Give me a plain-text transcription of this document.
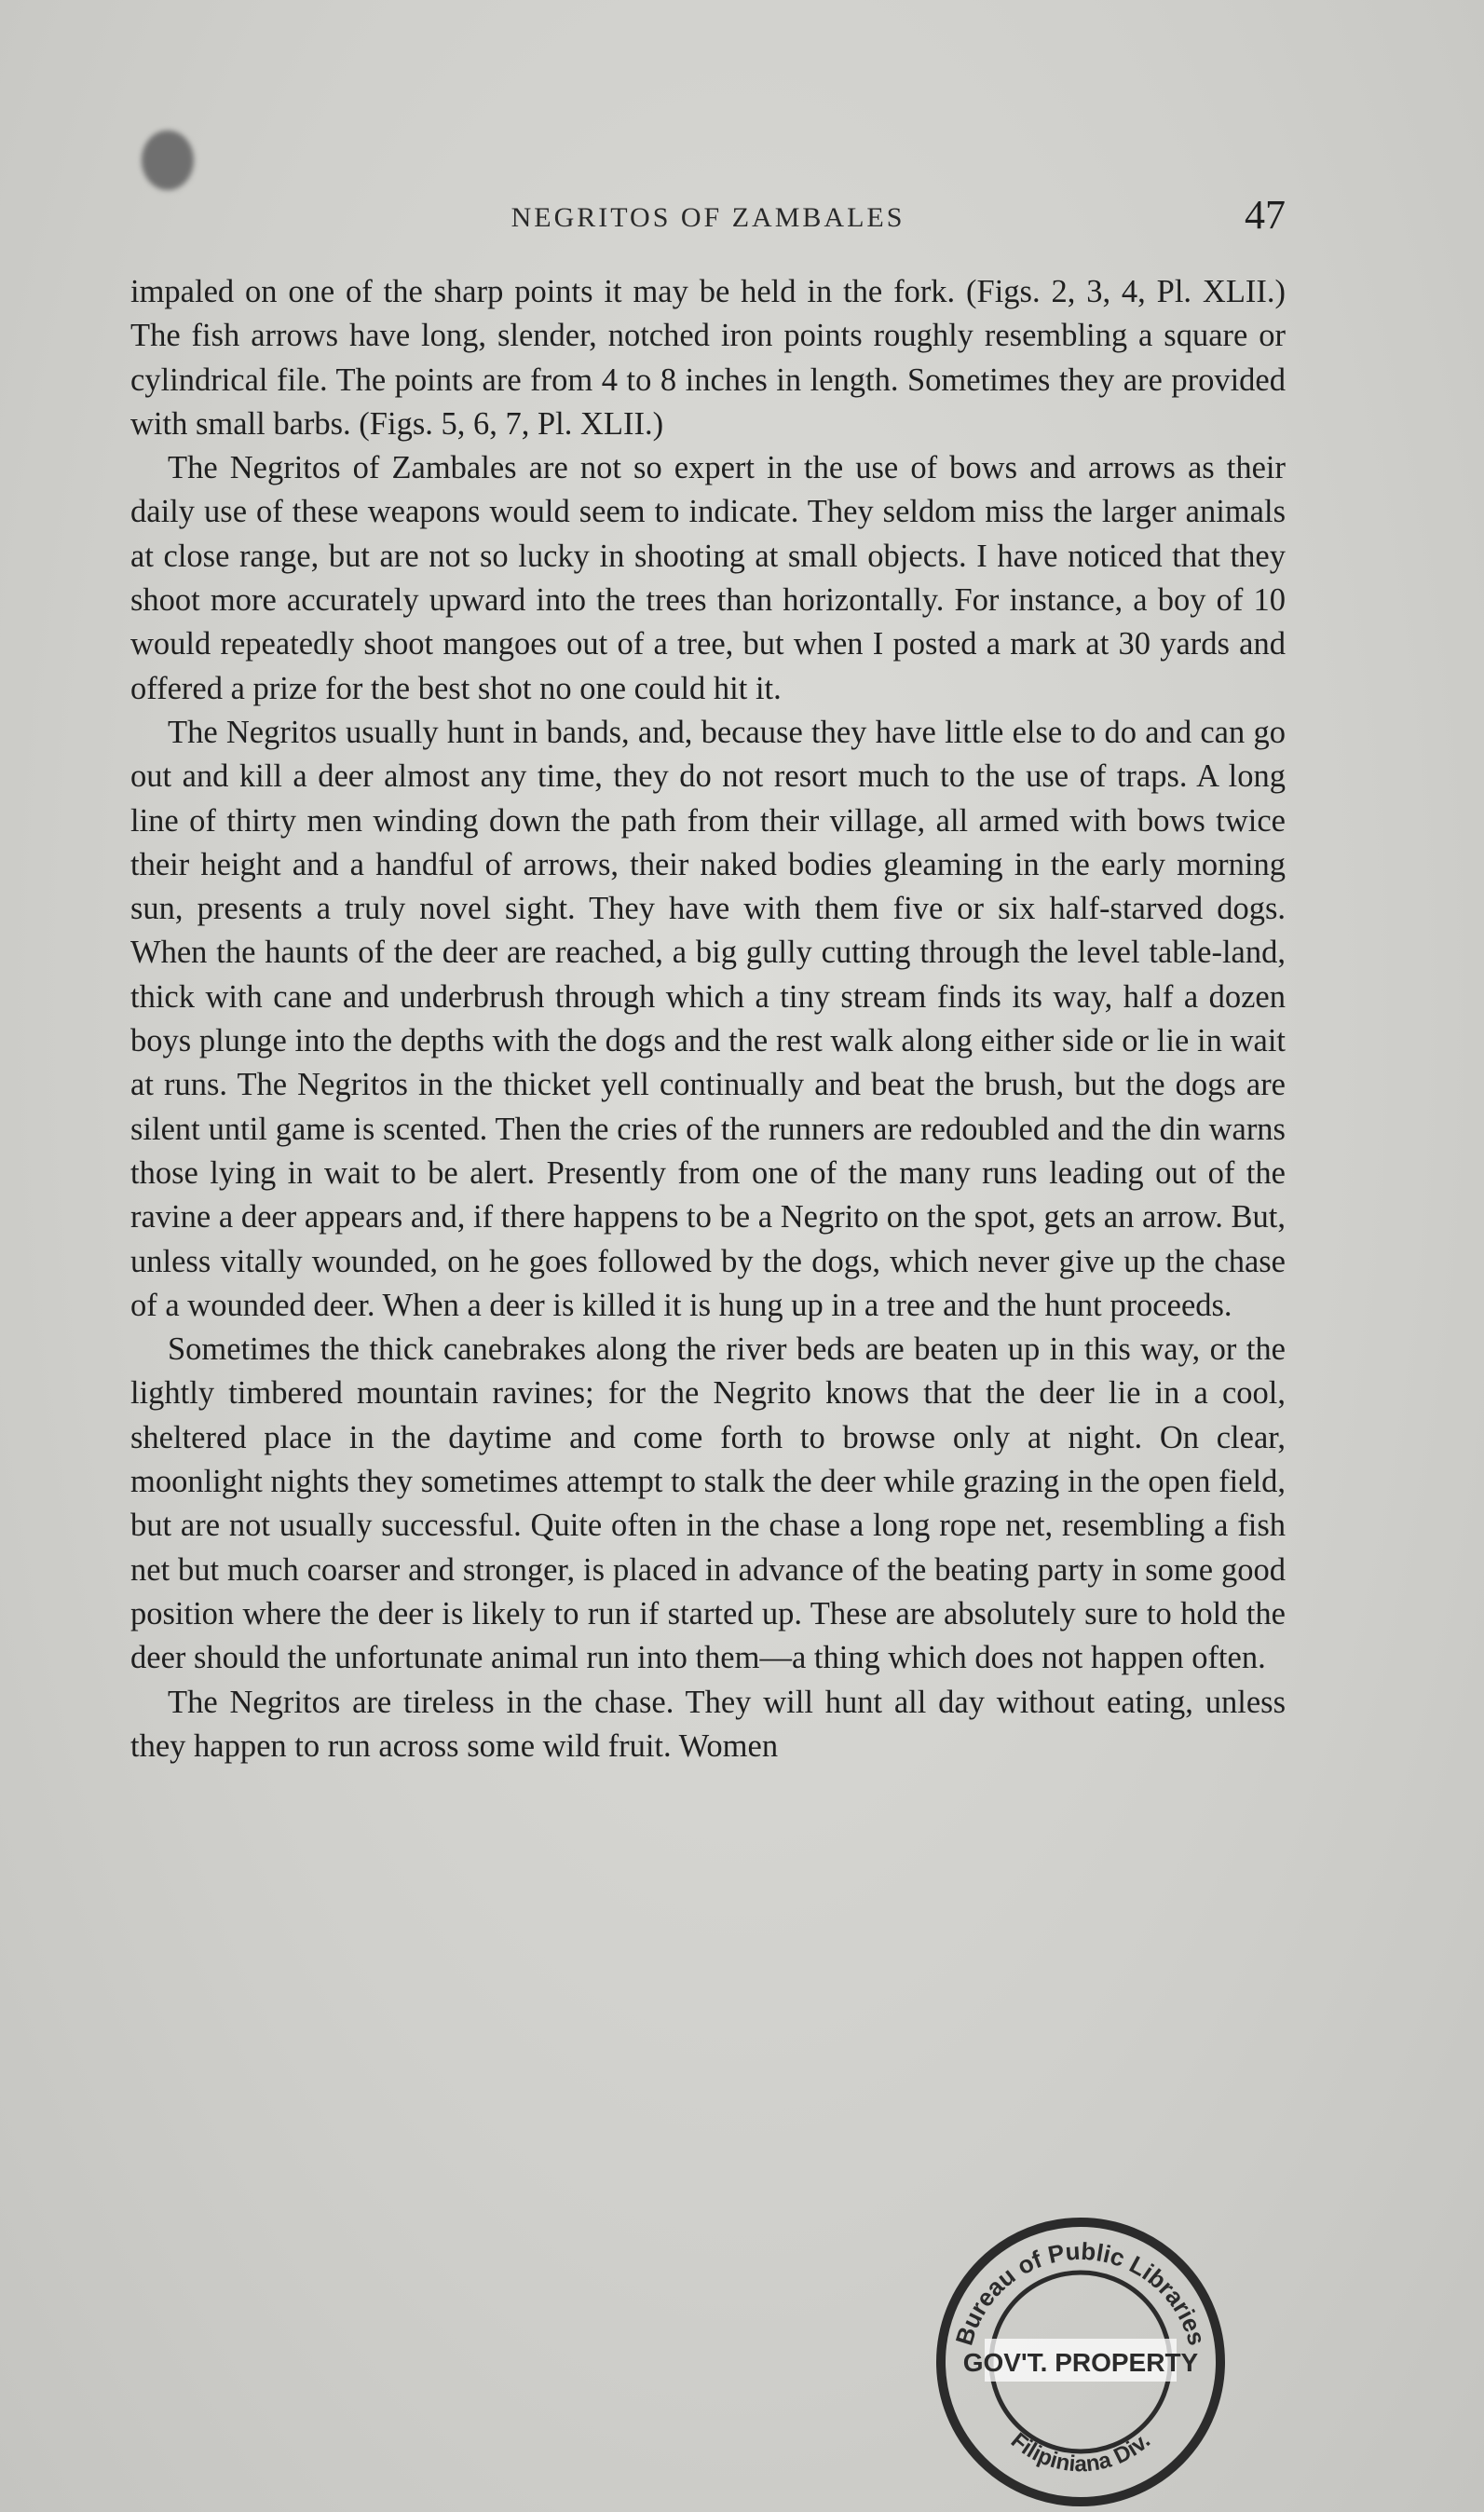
NEGRITOS OF ZAMBALES	47

impaled on one of the sharp points it may be held in the fork. (Figs. 2, 3, 4, Pl. XLII.) The fish arrows have long, slender, notched iron points roughly resembling a square or cylindrical file. The points are from 4 to 8 inches in length. Sometimes they are provided with small barbs. (Figs. 5, 6, 7, Pl. XLII.)

The Negritos of Zambales are not so expert in the use of bows and arrows as their daily use of these weapons would seem to indicate. They seldom miss the larger animals at close range, but are not so lucky in shooting at small objects. I have noticed that they shoot more accurately upward into the trees than horizontally. For instance, a boy of 10 would repeatedly shoot mangoes out of a tree, but when I posted a mark at 30 yards and offered a prize for the best shot no one could hit it.

The Negritos usually hunt in bands, and, because they have little else to do and can go out and kill a deer almost any time, they do not resort much to the use of traps. A long line of thirty men winding down the path from their village, all armed with bows twice their height and a handful of arrows, their naked bodies gleaming in the early morning sun, presents a truly novel sight. They have with them five or six half-starved dogs. When the haunts of the deer are reached, a big gully cutting through the level table-land, thick with cane and underbrush through which a tiny stream finds its way, half a dozen boys plunge into the depths with the dogs and the rest walk along either side or lie in wait at runs. The Negritos in the thicket yell continually and beat the brush, but the dogs are silent until game is scented. Then the cries of the runners are redoubled and the din warns those lying in wait to be alert. Presently from one of the many runs leading out of the ravine a deer appears and, if there happens to be a Negrito on the spot, gets an arrow. But, unless vitally wounded, on he goes followed by the dogs, which never give up the chase of a wounded deer. When a deer is killed it is hung up in a tree and the hunt proceeds.

Sometimes the thick canebrakes along the river beds are beaten up in this way, or the lightly timbered mountain ravines; for the Negrito knows that the deer lie in a cool, sheltered place in the daytime and come forth to browse only at night. On clear, moonlight nights they sometimes attempt to stalk the deer while grazing in the open field, but are not usually successful. Quite often in the chase a long rope net, resembling a fish net but much coarser and stronger, is placed in advance of the beating party in some good position where the deer is likely to run if started up. These are absolutely sure to hold the deer should the unfortunate animal run into them—a thing which does not happen often.

The Negritos are tireless in the chase. They will hunt all day without eating, unless they happen to run across some wild fruit. Women

Bureau of Public Libraries
GOV'T. PROPERTY
Filipiniana Div.
